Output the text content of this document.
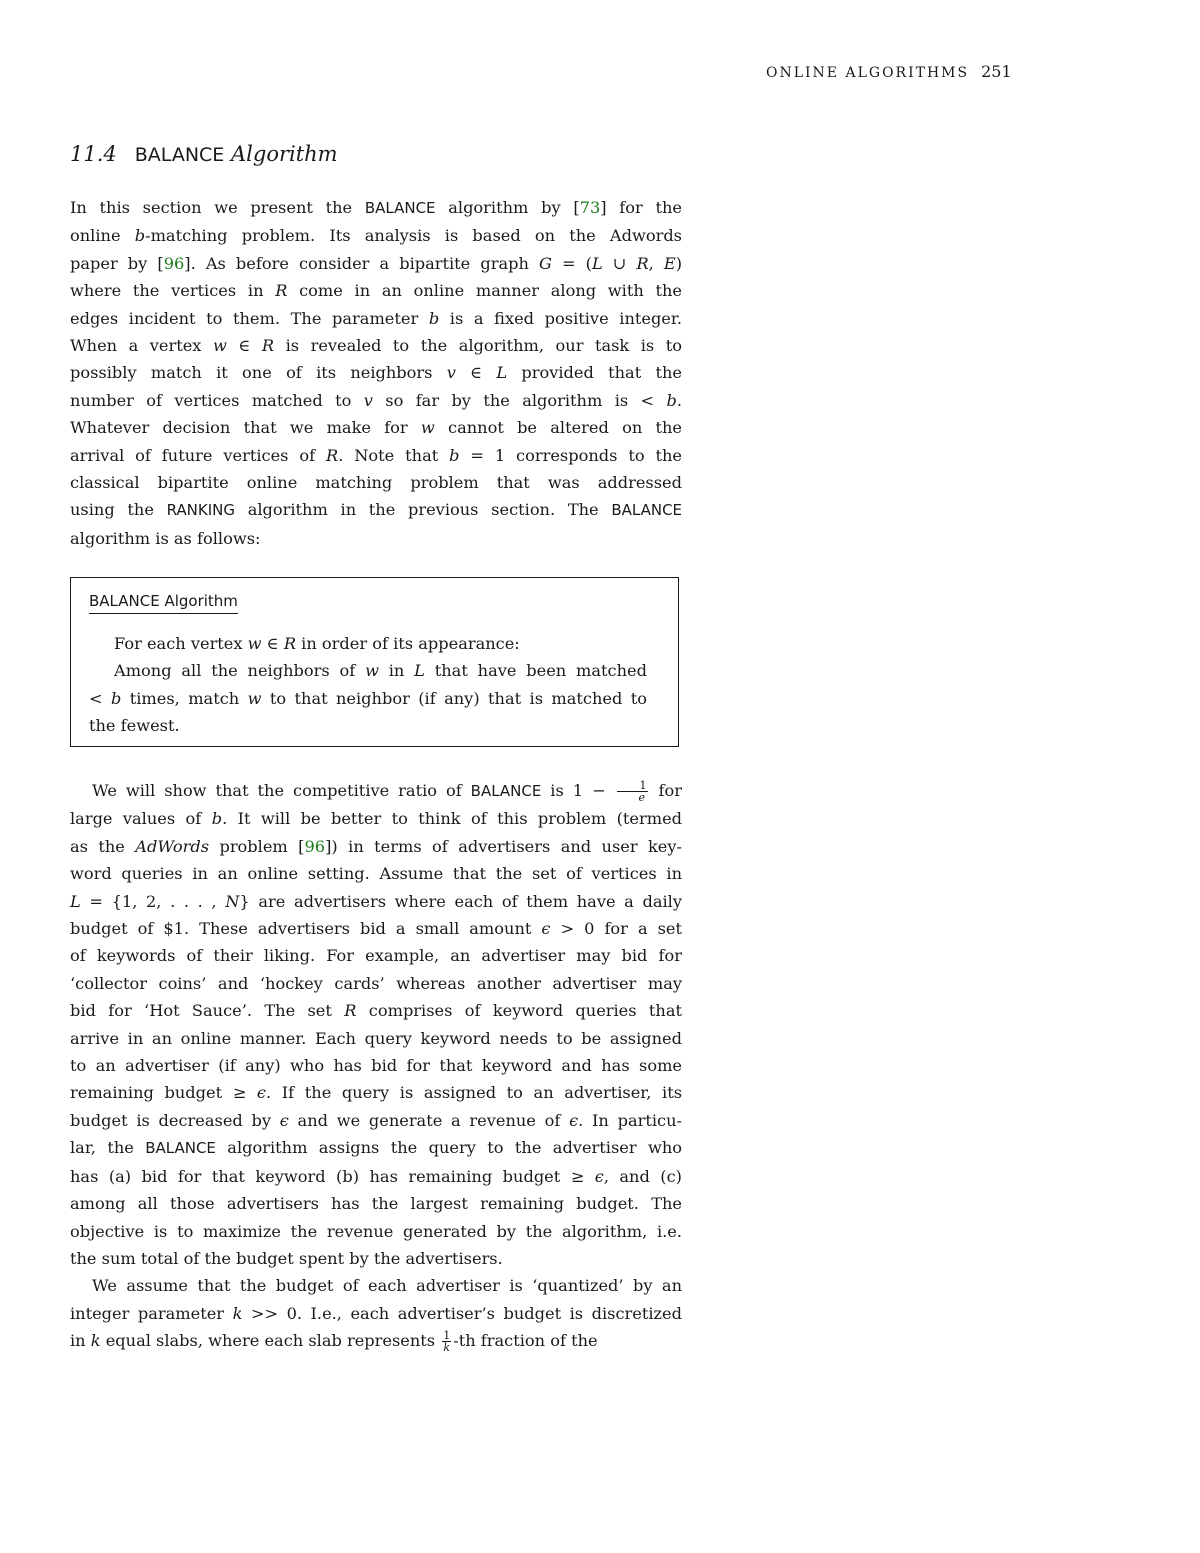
ONLINE ALGORITHMS 251
11.4 BALANCE Algorithm
In this section we present the BALANCE algorithm by [73] for the
online b-matching problem. Its analysis is based on the Adwords
paper by [96]. As before consider a bipartite graph G = (L ∪ R, E)
where the vertices in R come in an online manner along with the
edges incident to them. The parameter b is a fixed positive integer.
When a vertex w ∈ R is revealed to the algorithm, our task is to
possibly match it one of its neighbors v ∈ L provided that the
number of vertices matched to v so far by the algorithm is < b.
Whatever decision that we make for w cannot be altered on the
arrival of future vertices of R. Note that b = 1 corresponds to the
classical bipartite online matching problem that was addressed
using the RANKING algorithm in the previous section. The BALANCE
algorithm is as follows:
BALANCE Algorithm
For each vertex w ∈ R in order of its appearance:
Among all the neighbors of w in L that have been matched
< b times, match w to that neighbor (if any) that is matched to
the fewest.
We will show that the competitive ratio of BALANCE is $1 - \frac{1}{e}$ for
large values of b. It will be better to think of this problem (termed
as the AdWords problem [96]) in terms of advertisers and user key-
word queries in an online setting. Assume that the set of vertices in
L = {1, 2, . . . , N} are advertisers where each of them have a daily
budget of $1. These advertisers bid a small amount ϵ > 0 for a set
of keywords of their liking. For example, an advertiser may bid for
‘collector coins’ and ‘hockey cards’ whereas another advertiser may
bid for ‘Hot Sauce’. The set R comprises of keyword queries that
arrive in an online manner. Each query keyword needs to be assigned
to an advertiser (if any) who has bid for that keyword and has some
remaining budget ≥ ϵ. If the query is assigned to an advertiser, its
budget is decreased by ϵ and we generate a revenue of ϵ. In particu-
lar, the BALANCE algorithm assigns the query to the advertiser who
has (a) bid for that keyword (b) has remaining budget ≥ ϵ, and (c)
among all those advertisers has the largest remaining budget. The
objective is to maximize the revenue generated by the algorithm, i.e.
the sum total of the budget spent by the advertisers.
We assume that the budget of each advertiser is ‘quantized’ by an
integer parameter k >> 0. I.e., each advertiser’s budget is discretized
in k equal slabs, where each slab represents $\frac{1}{k} -th$ fraction of the
